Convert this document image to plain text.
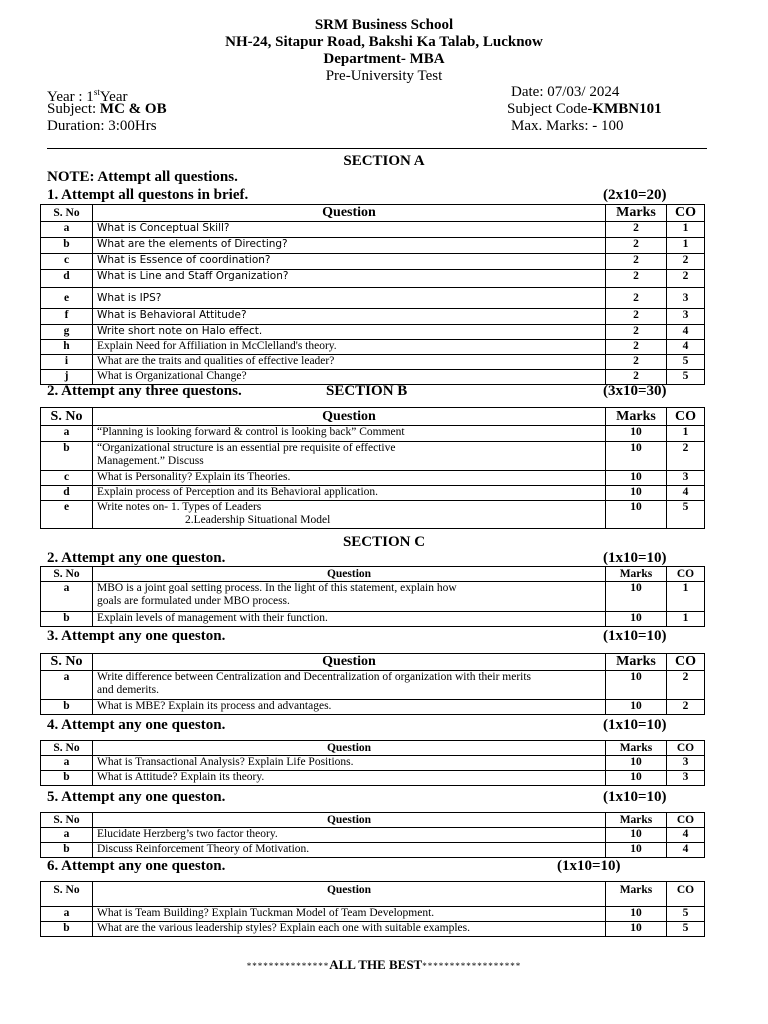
SRM Business School
NH-24, Sitapur Road, Bakshi Ka Talab, Lucknow
Department- MBA
Pre-University Test
Year : 1stYear	Date: 07/03/ 2024
Subject: MC & OB	Subject Code-KMBN101
Duration: 3:00Hrs	Max. Marks: - 100
SECTION A
NOTE: Attempt all questions.
1. Attempt all questons in brief.	(2x10=20)
S. No	Question	Marks	CO
a	What is Conceptual Skill?	2	1
b	What are the elements of Directing?	2	1
c	What is Essence of coordination?	2	2
d	What is Line and Staff Organization?	2	2
e	What is IPS?	2	3
f	What is Behavioral Attitude?	2	3
g	Write short note on Halo effect.	2	4
h	Explain Need for Affiliation in McClelland's theory.	2	4
i	What are the traits and qualities of effective leader?	2	5
j	What is Organizational Change?	2	5
2. Attempt any three questons.	SECTION B	(3x10=30)
S. No	Question	Marks	CO
a	“Planning is looking forward & control is looking back” Comment	10	1
b	“Organizational structure is an essential pre requisite of effective
Management.” Discuss	10	2
c	What is Personality? Explain its Theories.	10	3
d	Explain process of Perception and its Behavioral application.	10	4
e	Write notes on- 1. Types of Leaders
2.Leadership Situational Model	10	5
SECTION C
2. Attempt any one queston.	(1x10=10)
S. No	Question	Marks	CO
a	MBO is a joint goal setting process. In the light of this statement, explain how
goals are formulated under MBO process.	10	1
b	Explain levels of management with their function.	10	1
3. Attempt any one queston.	(1x10=10)
S. No	Question	Marks	CO
a	Write difference between Centralization and Decentralization of organization with their merits
and demerits.	10	2
b	What is MBE? Explain its process and advantages.	10	2
4. Attempt any one queston.	(1x10=10)
S. No	Question	Marks	CO
a	What is Transactional Analysis? Explain Life Positions.	10	3
b	What is Attitude? Explain its theory.	10	3
5. Attempt any one queston.	(1x10=10)
S. No	Question	Marks	CO
a	Elucidate Herzberg’s two factor theory.	10	4
b	Discuss Reinforcement Theory of Motivation.	10	4
6. Attempt any one queston.	(1x10=10)
S. No	Question	Marks	CO
a	What is Team Building? Explain Tuckman Model of Team Development.	10	5
b	What are the various leadership styles? Explain each one with suitable examples.	10	5
***************ALL THE BEST******************
